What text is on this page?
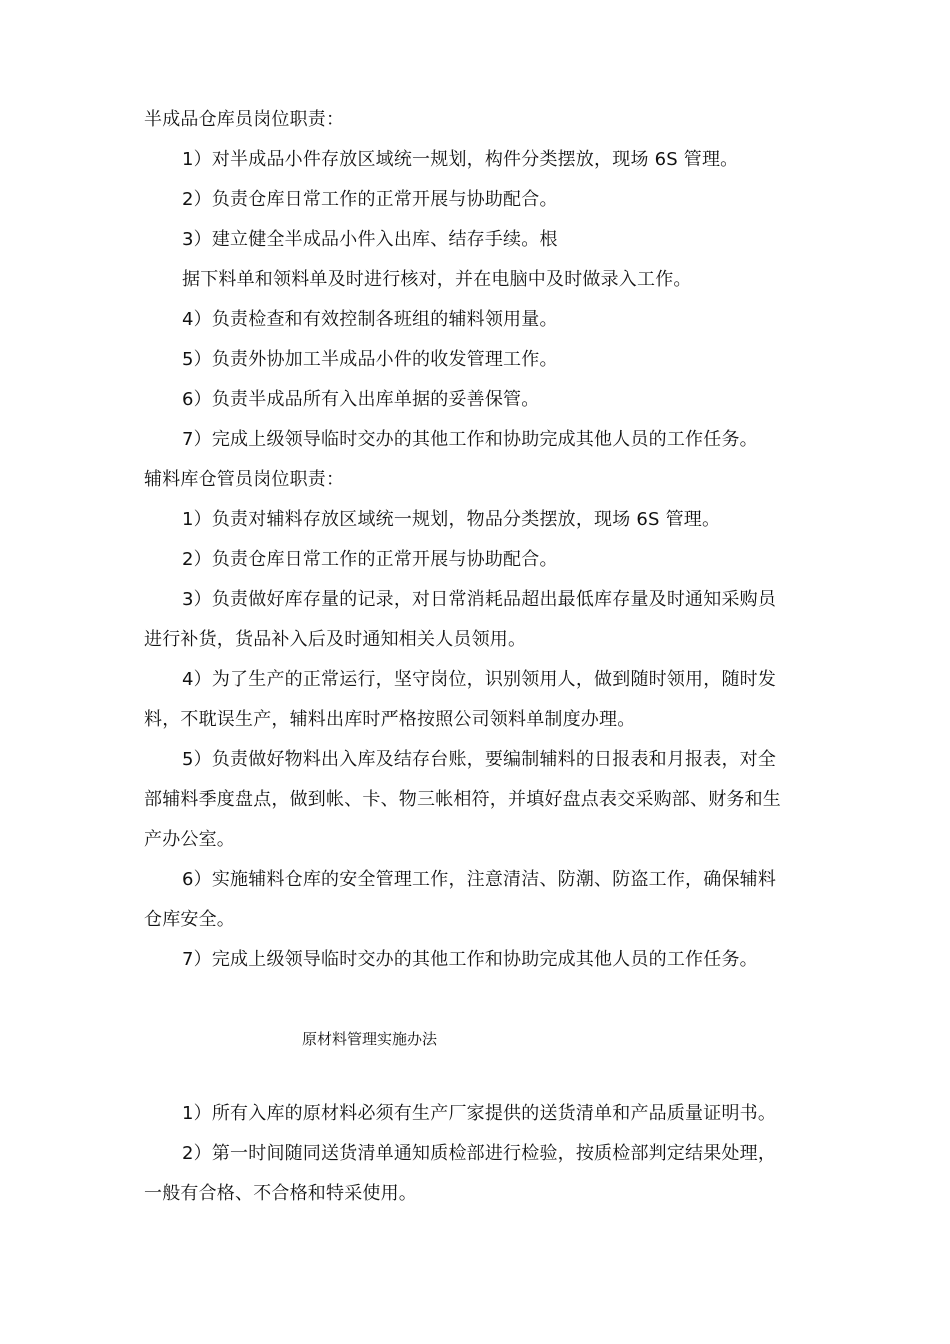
半成品仓库员岗位职责：
1）对半成品小件存放区域统一规划，构件分类摆放，现场 6S 管理。
2）负责仓库日常工作的正常开展与协助配合。
3）建立健全半成品小件入出库、结存手续。根
据下料单和领料单及时进行核对，并在电脑中及时做录入工作。
4）负责检查和有效控制各班组的辅料领用量。
5）负责外协加工半成品小件的收发管理工作。
6）负责半成品所有入出库单据的妥善保管。
7）完成上级领导临时交办的其他工作和协助完成其他人员的工作任务。
辅料库仓管员岗位职责：
1）负责对辅料存放区域统一规划，物品分类摆放，现场 6S 管理。
2）负责仓库日常工作的正常开展与协助配合。
3）负责做好库存量的记录，对日常消耗品超出最低库存量及时通知采购员
进行补货，货品补入后及时通知相关人员领用。
4）为了生产的正常运行，坚守岗位，识别领用人，做到随时领用，随时发
料，不耽误生产，辅料出库时严格按照公司领料单制度办理。
5）负责做好物料出入库及结存台账，要编制辅料的日报表和月报表，对全
部辅料季度盘点，做到帐、卡、物三帐相符，并填好盘点表交采购部、财务和生
产办公室。
6）实施辅料仓库的安全管理工作，注意清洁、防潮、防盗工作，确保辅料
仓库安全。
7）完成上级领导临时交办的其他工作和协助完成其他人员的工作任务。
原材料管理实施办法
1）所有入库的原材料必须有生产厂家提供的送货清单和产品质量证明书。
2）第一时间随同送货清单通知质检部进行检验，按质检部判定结果处理，
一般有合格、不合格和特采使用。
